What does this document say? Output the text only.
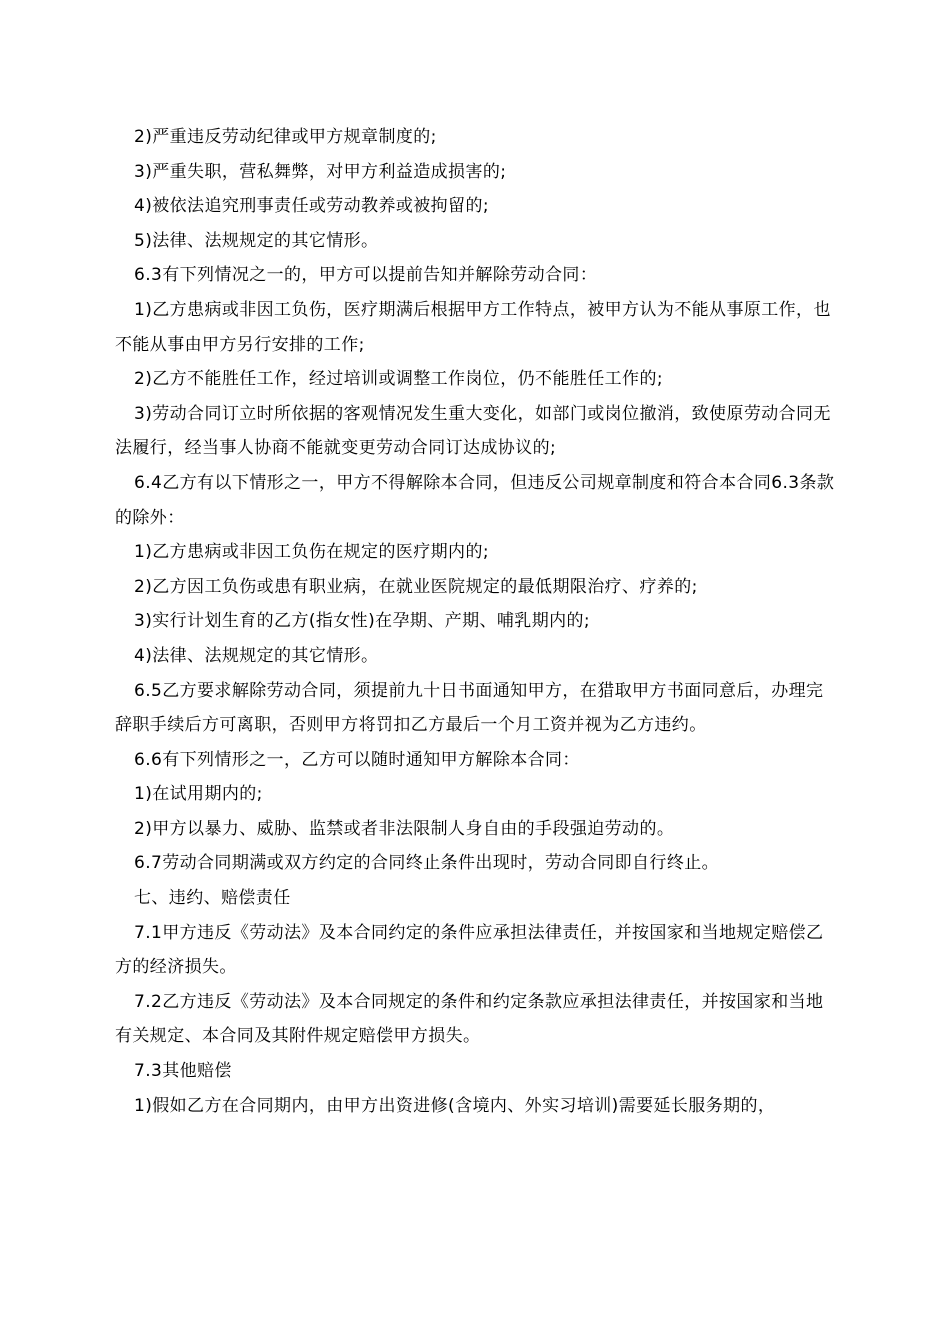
2)严重违反劳动纪律或甲方规章制度的;

3)严重失职，营私舞弊，对甲方利益造成损害的;

4)被依法追究刑事责任或劳动教养或被拘留的;

5)法律、法规规定的其它情形。

6.3有下列情况之一的，甲方可以提前告知并解除劳动合同：

1)乙方患病或非因工负伤，医疗期满后根据甲方工作特点，被甲方认为不能从事原工作，也不能从事由甲方另行安排的工作;

2)乙方不能胜任工作，经过培训或调整工作岗位，仍不能胜任工作的;

3)劳动合同订立时所依据的客观情况发生重大变化，如部门或岗位撤消，致使原劳动合同无法履行，经当事人协商不能就变更劳动合同订达成协议的;

6.4乙方有以下情形之一，甲方不得解除本合同，但违反公司规章制度和符合本合同6.3条款的除外：

1)乙方患病或非因工负伤在规定的医疗期内的;

2)乙方因工负伤或患有职业病，在就业医院规定的最低期限治疗、疗养的;

3)实行计划生育的乙方(指女性)在孕期、产期、哺乳期内的;

4)法律、法规规定的其它情形。

6.5乙方要求解除劳动合同，须提前九十日书面通知甲方，在猎取甲方书面同意后，办理完辞职手续后方可离职，否则甲方将罚扣乙方最后一个月工资并视为乙方违约。

6.6有下列情形之一，乙方可以随时通知甲方解除本合同：

1)在试用期内的;

2)甲方以暴力、威胁、监禁或者非法限制人身自由的手段强迫劳动的。

6.7劳动合同期满或双方约定的合同终止条件出现时，劳动合同即自行终止。

七、违约、赔偿责任

7.1甲方违反《劳动法》及本合同约定的条件应承担法律责任，并按国家和当地规定赔偿乙方的经济损失。

7.2乙方违反《劳动法》及本合同规定的条件和约定条款应承担法律责任，并按国家和当地有关规定、本合同及其附件规定赔偿甲方损失。

7.3其他赔偿

1)假如乙方在合同期内，由甲方出资进修(含境内、外实习培训)需要延长服务期的，
